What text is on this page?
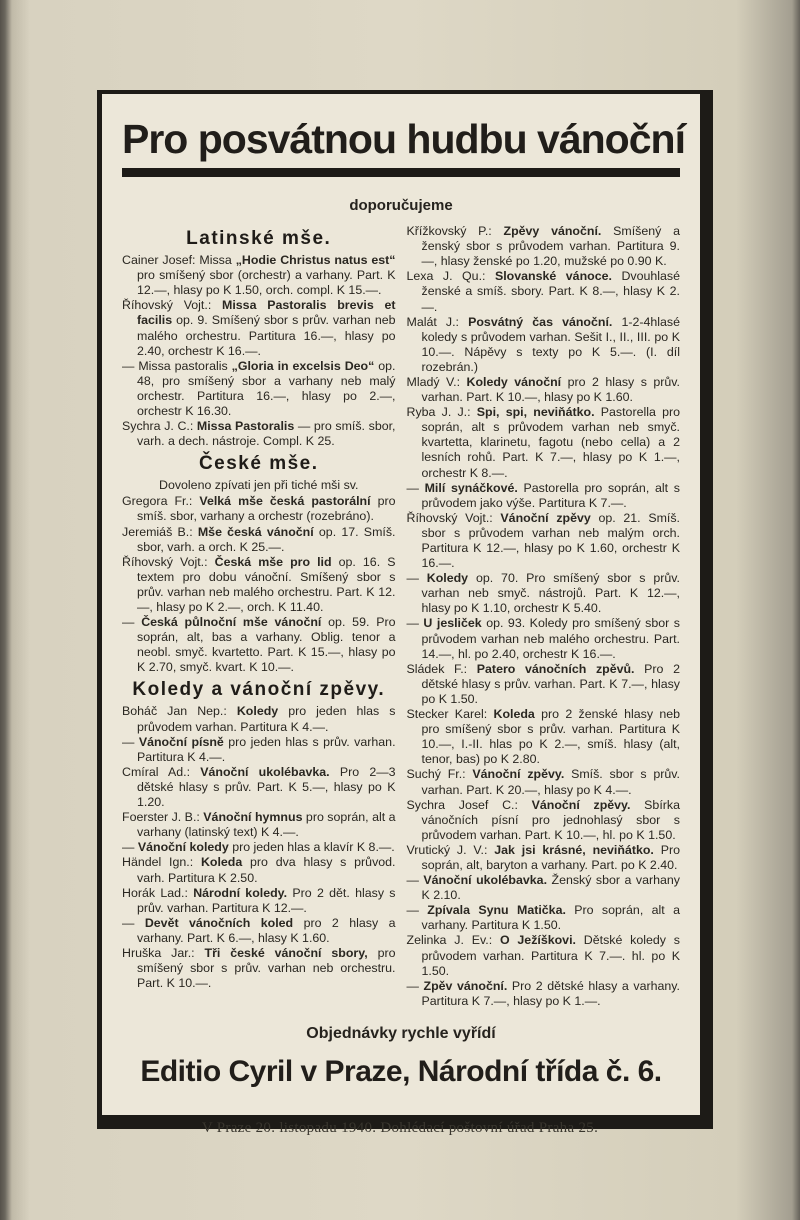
Pro posvátnou hudbu vánoční
doporučujeme
Latinské mše.

Cainer Josef: Missa „Hodie Christus natus est“ pro smíšený sbor (orchestr) a varhany. Part. K 12.—, hlasy po K 1.50, orch. compl. K 15.—.

Říhovský Vojt.: Missa Pastoralis brevis et facilis op. 9. Smíšený sbor s prův. varhan neb malého orchestru. Partitura 16.—, hlasy po 2.40, orchestr K 16.—.

— Missa pastoralis „Gloria in excelsis Deo“ op. 48, pro smíšený sbor a varhany neb malý orchestr. Partitura 16.—, hlasy po 2.—, orchestr K 16.30.

Sychra J. C.: Missa Pastoralis — pro smíš. sbor, varh. a dech. nástroje. Compl. K 25.

České mše.
Dovoleno zpívati jen při tiché mši sv.

Gregora Fr.: Velká mše česká pastorální pro smíš. sbor, varhany a orchestr (rozebráno).

Jeremiáš B.: Mše česká vánoční op. 17. Smíš. sbor, varh. a orch. K 25.—.

Říhovský Vojt.: Česká mše pro lid op. 16. S textem pro dobu vánoční. Smíšený sbor s prův. varhan neb malého orchestru. Part. K 12.—, hlasy po K 2.—, orch. K 11.40.

— Česká půlnoční mše vánoční op. 59. Pro soprán, alt, bas a varhany. Oblig. tenor a neobl. smyč. kvartetto. Part. K 15.—, hlasy po K 2.70, smyč. kvart. K 10.—.

Koledy a vánoční zpěvy.

Boháč Jan Nep.: Koledy pro jeden hlas s průvodem varhan. Partitura K 4.—.

— Vánoční písně pro jeden hlas s prův. varhan. Partitura K 4.—.

Cmíral Ad.: Vánoční ukolébavka. Pro 2—3 dětské hlasy s prův. Part. K 5.—, hlasy po K 1.20.

Foerster J. B.: Vánoční hymnus pro soprán, alt a varhany (latinský text) K 4.—.

— Vánoční koledy pro jeden hlas a klavír K 8.—.

Händel Ign.: Koleda pro dva hlasy s průvod. varh. Partitura K 2.50.

Horák Lad.: Národní koledy. Pro 2 dět. hlasy s prův. varhan. Partitura K 12.—.

— Devět vánočních koled pro 2 hlasy a varhany. Part. K 6.—, hlasy K 1.60.

Hruška Jar.: Tři české vánoční sbory, pro smíšený sbor s prův. varhan neb orchestru. Part. K 10.—.

Křížkovský P.: Zpěvy vánoční. Smíšený a ženský sbor s průvodem varhan. Partitura 9.—, hlasy ženské po 1.20, mužské po 0.90 K.

Lexa J. Qu.: Slovanské vánoce. Dvouhlasé ženské a smíš. sbory. Part. K 8.—, hlasy K 2.—.

Malát J.: Posvátný čas vánoční. 1-2-4hlasé koledy s průvodem varhan. Sešit I., II., III. po K 10.—. Nápěvy s texty po K 5.—. (I. díl rozebrán.)

Mladý V.: Koledy vánoční pro 2 hlasy s prův. varhan. Part. K 10.—, hlasy po K 1.60.

Ryba J. J.: Spi, spi, neviňátko. Pastorella pro soprán, alt s průvodem varhan neb smyč. kvartetta, klarinetu, fagotu (nebo cella) a 2 lesních rohů. Part. K 7.—, hlasy po K 1.—, orchestr K 8.—.

— Milí synáčkové. Pastorella pro soprán, alt s průvodem jako výše. Partitura K 7.—.

Říhovský Vojt.: Vánoční zpěvy op. 21. Smíš. sbor s průvodem varhan neb malým orch. Partitura K 12.—, hlasy po K 1.60, orchestr K 16.—.

— Koledy op. 70. Pro smíšený sbor s prův. varhan neb smyč. nástrojů. Part. K 12.—, hlasy po K 1.10, orchestr K 5.40.

— U jesliček op. 93. Koledy pro smíšený sbor s průvodem varhan neb malého orchestru. Part. 14.—, hl. po 2.40, orchestr K 16.—.

Sládek F.: Patero vánočních zpěvů. Pro 2 dětské hlasy s prův. varhan. Part. K 7.—, hlasy po K 1.50.

Stecker Karel: Koleda pro 2 ženské hlasy neb pro smíšený sbor s prův. varhan. Partitura K 10.—, I.-II. hlas po K 2.—, smíš. hlasy (alt, tenor, bas) po K 2.80.

Suchý Fr.: Vánoční zpěvy. Smíš. sbor s prův. varhan. Part. K 20.—, hlasy po K 4.—.

Sychra Josef C.: Vánoční zpěvy. Sbírka vánočních písní pro jednohlasý sbor s průvodem varhan. Part. K 10.—, hl. po K 1.50.

Vrutický J. V.: Jak jsi krásné, neviňátko. Pro soprán, alt, baryton a varhany. Part. po K 2.40.

— Vánoční ukolébavka. Ženský sbor a varhany K 2.10.

— Zpívala Synu Matička. Pro soprán, alt a varhany. Partitura K 1.50.

Zelinka J. Ev.: O Ježíškovi. Dětské koledy s průvodem varhan. Partitura K 7.—. hl. po K 1.50.

— Zpěv vánoční. Pro 2 dětské hlasy a varhany. Partitura K 7.—, hlasy po K 1.—.

Objednávky rychle vyřídí
Editio Cyril v Praze, Národní třída č. 6.
V Praze 20. listopadu 1940. Dohlédací poštovní úřad Praha 25.
